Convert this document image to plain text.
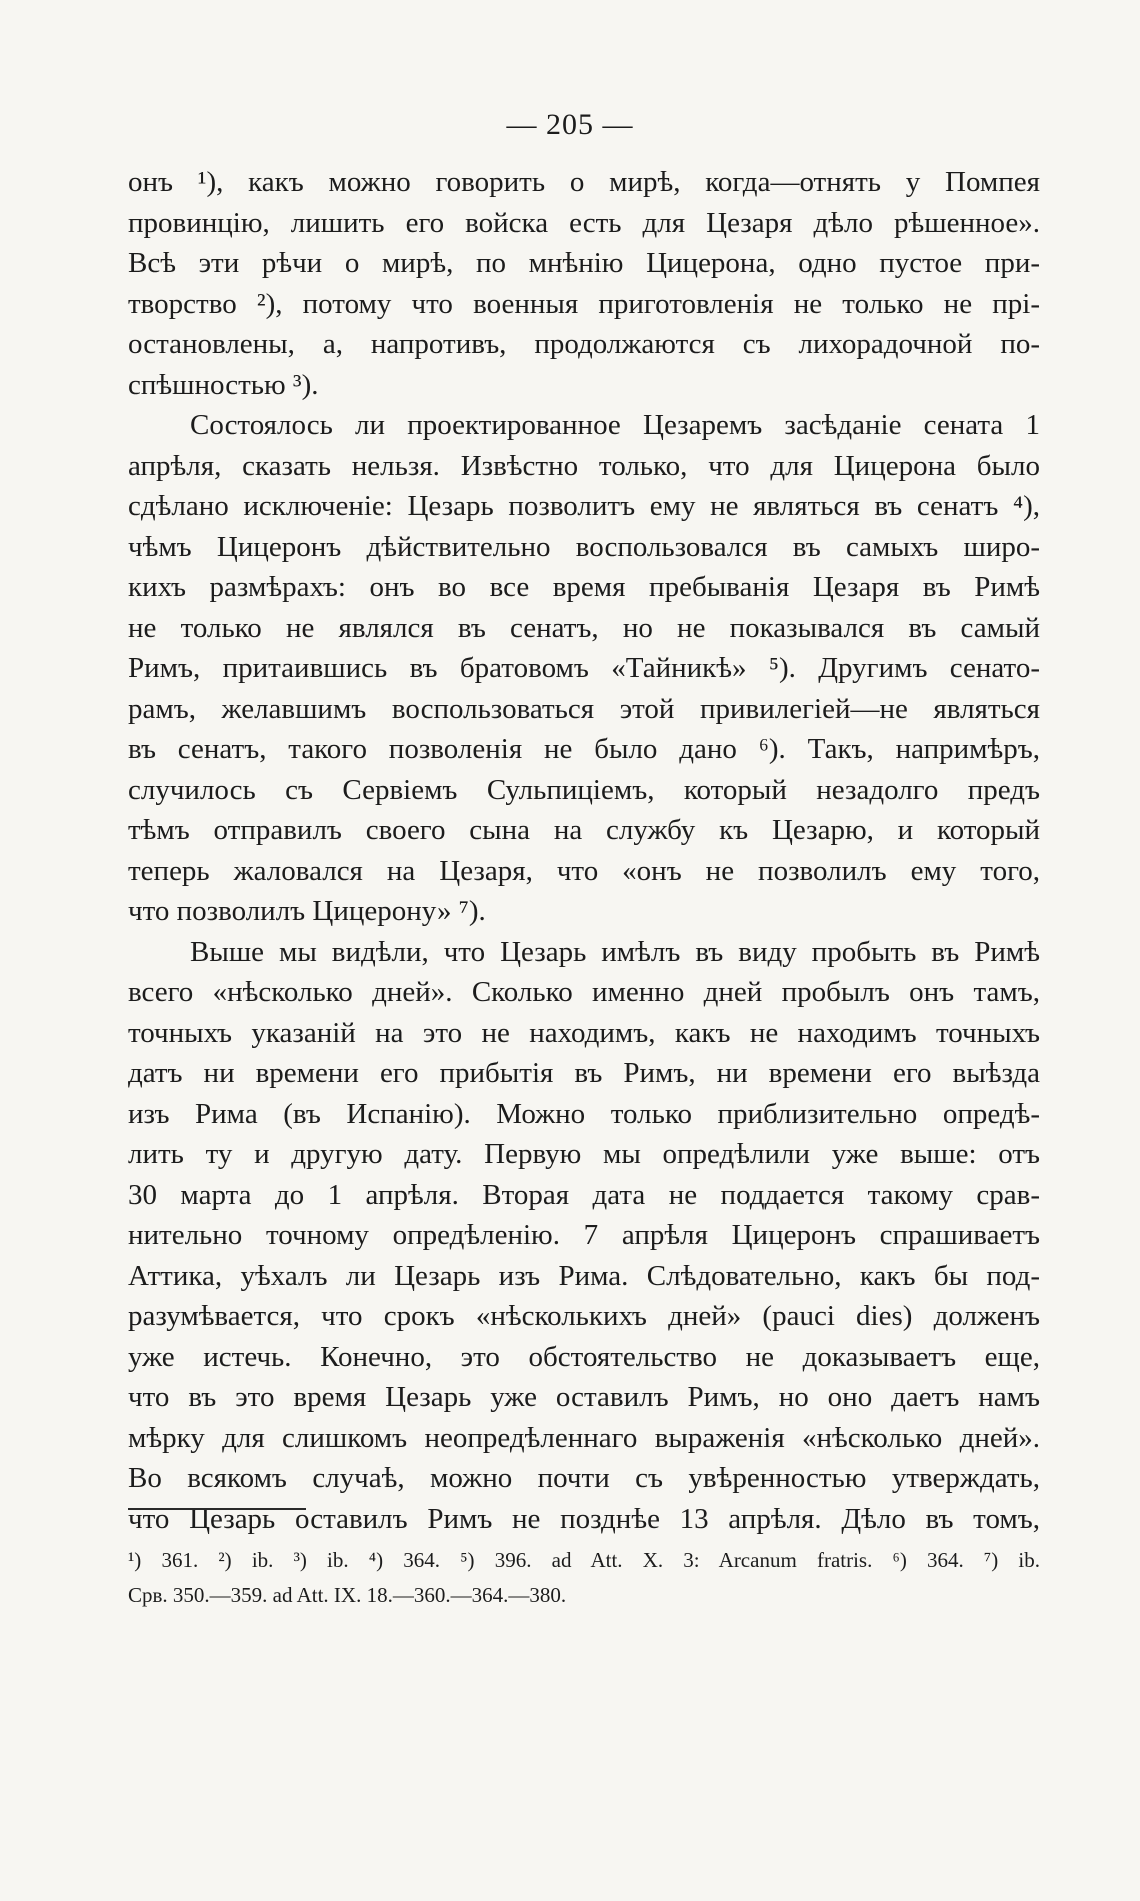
— 205 —
онъ ¹), какъ можно говорить о мирѣ, когда—отнять у Помпея
провинцію, лишить его войска есть для Цезаря дѣло рѣшенное».
Всѣ эти рѣчи о мирѣ, по мнѣнію Цицерона, одно пустое при-
творство ²), потому что военныя приготовленія не только не прі-
остановлены, а, напротивъ, продолжаются съ лихорадочной по-
спѣшностью ³).
Состоялось ли проектированное Цезаремъ засѣданіе сената 1
апрѣля, сказать нельзя. Извѣстно только, что для Цицерона было
сдѣлано исключеніе: Цезарь позволитъ ему не являться въ сенатъ ⁴),
чѣмъ Цицеронъ дѣйствительно воспользовался въ самыхъ широ-
кихъ размѣрахъ: онъ во все время пребыванія Цезаря въ Римѣ
не только не являлся въ сенатъ, но не показывался въ самый
Римъ, притаившись въ братовомъ «Тайникѣ» ⁵). Другимъ сенато-
рамъ, желавшимъ воспользоваться этой привилегіей—не являться
въ сенатъ, такого позволенія не было дано ⁶). Такъ, напримѣръ,
случилось съ Сервіемъ Сульпиціемъ, который незадолго предъ
тѣмъ отправилъ своего сына на службу къ Цезарю, и который
теперь жаловался на Цезаря, что «онъ не позволилъ ему того,
что позволилъ Цицерону» ⁷).
Выше мы видѣли, что Цезарь имѣлъ въ виду пробыть въ Римѣ
всего «нѣсколько дней». Сколько именно дней пробылъ онъ тамъ,
точныхъ указаній на это не находимъ, какъ не находимъ точныхъ
датъ ни времени его прибытія въ Римъ, ни времени его выѣзда
изъ Рима (въ Испанію). Можно только приблизительно опредѣ-
лить ту и другую дату. Первую мы опредѣлили уже выше: отъ
30 марта до 1 апрѣля. Вторая дата не поддается такому срав-
нительно точному опредѣленію. 7 апрѣля Цицеронъ спрашиваетъ
Аттика, уѣхалъ ли Цезарь изъ Рима. Слѣдовательно, какъ бы под-
разумѣвается, что срокъ «нѣсколькихъ дней» (pauci dies) долженъ
уже истечь. Конечно, это обстоятельство не доказываетъ еще,
что въ это время Цезарь уже оставилъ Римъ, но оно даетъ намъ
мѣрку для слишкомъ неопредѣленнаго выраженія «нѣсколько дней».
Во всякомъ случаѣ, можно почти съ увѣренностью утверждать,
что Цезарь оставилъ Римъ не позднѣе 13 апрѣля. Дѣло въ томъ,
¹) 361. ²) ib. ³) ib. ⁴) 364. ⁵) 396. ad Att. X. 3: Arcanum fratris. ⁶) 364. ⁷) ib.
Срв. 350.—359. ad Att. IX. 18.—360.—364.—380.
